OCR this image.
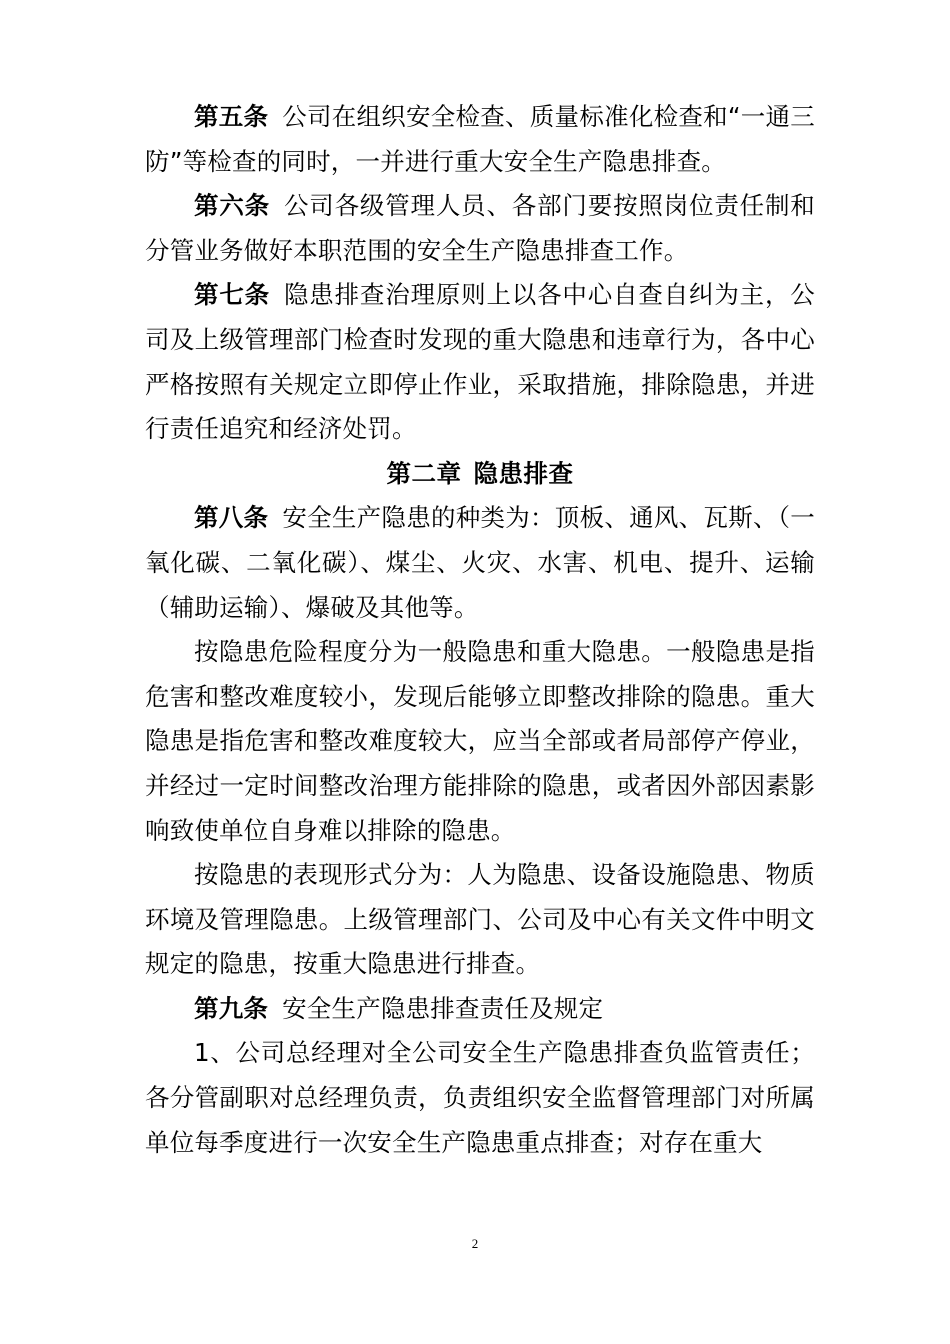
第五条 公司在组织安全检查、质量标准化检查和“一通三防”等检查的同时，一并进行重大安全生产隐患排查。

第六条 公司各级管理人员、各部门要按照岗位责任制和分管业务做好本职范围的安全生产隐患排查工作。

第七条 隐患排查治理原则上以各中心自查自纠为主，公司及上级管理部门检查时发现的重大隐患和违章行为，各中心严格按照有关规定立即停止作业，采取措施，排除隐患，并进行责任追究和经济处罚。

第二章 隐患排查

第八条 安全生产隐患的种类为：顶板、通风、瓦斯、（一氧化碳、二氧化碳）、煤尘、火灾、水害、机电、提升、运输（辅助运输）、爆破及其他等。

按隐患危险程度分为一般隐患和重大隐患。一般隐患是指危害和整改难度较小，发现后能够立即整改排除的隐患。重大隐患是指危害和整改难度较大，应当全部或者局部停产停业，并经过一定时间整改治理方能排除的隐患，或者因外部因素影响致使单位自身难以排除的隐患。

按隐患的表现形式分为：人为隐患、设备设施隐患、物质环境及管理隐患。上级管理部门、公司及中心有关文件中明文规定的隐患，按重大隐患进行排查。

第九条 安全生产隐患排查责任及规定

1、公司总经理对全公司安全生产隐患排查负监管责任；各分管副职对总经理负责，负责组织安全监督管理部门对所属单位每季度进行一次安全生产隐患重点排查；对存在重大

2
